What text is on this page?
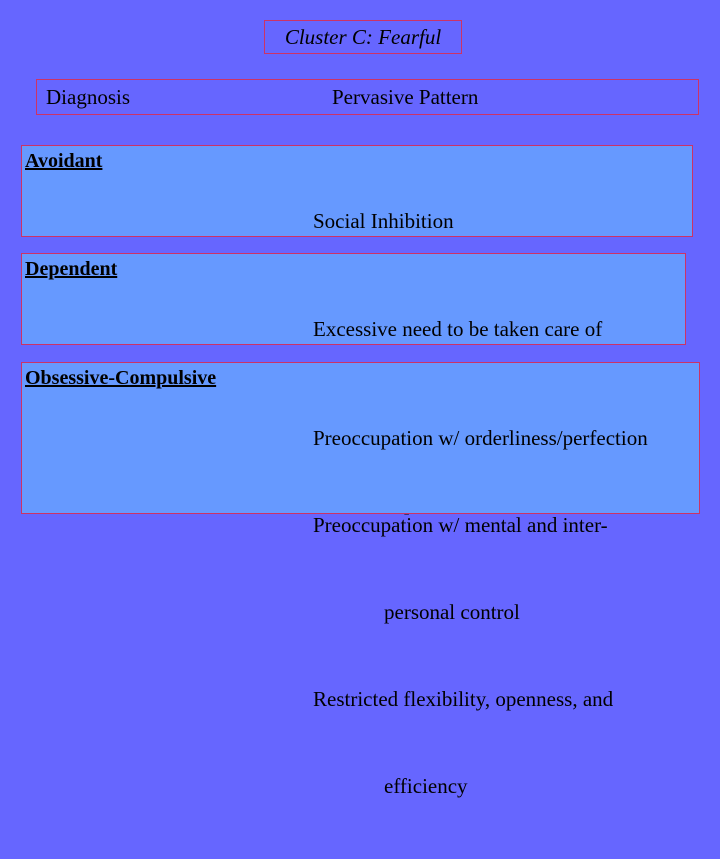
Cluster C: Fearful
Diagnosis	Pervasive Pattern
Avoidant

Social Inhibition

Dependent

Excessive need to be taken care of

Obsessive-Compulsive

Preoccupation w/ orderliness/perfection

Preoccupation w/ mental and inter-

personal control

Restricted flexibility, openness, and

efficiency
